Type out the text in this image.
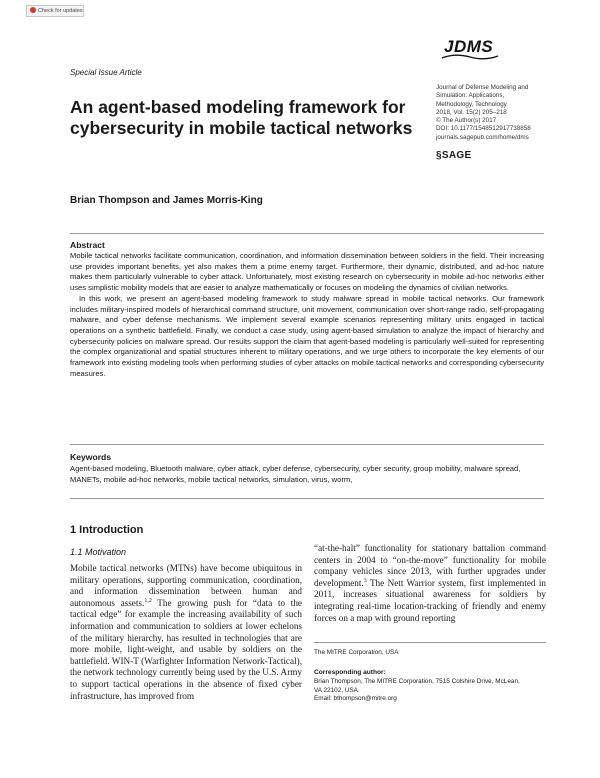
Check for updates
JDMS
Special Issue Article
An agent-based modeling framework for cybersecurity in mobile tactical networks
Journal of Defense Modeling and
Simulation: Applications,
Methodology, Technology
2018, Vol. 15(2) 205–218
© The Author(s) 2017
DOI: 10.1177/1548512917738858
journals.sagepub.com/home/dms
§SAGE
Brian Thompson and James Morris-King
Abstract

Mobile tactical networks facilitate communication, coordination, and information dissemination between soldiers in the field. Their increasing use provides important benefits, yet also makes them a prime enemy target. Furthermore, their dynamic, distributed, and ad-hoc nature makes them particularly vulnerable to cyber attack. Unfortunately, most existing research on cybersecurity in mobile ad-hoc networks either uses simplistic mobility models that are easier to analyze mathematically or focuses on modeling the dynamics of civilian networks.

In this work, we present an agent-based modeling framework to study malware spread in mobile tactical networks. Our framework includes military-inspired models of hierarchical command structure, unit movement, communication over short-range radio, self-propagating malware, and cyber defense mechanisms. We implement several example scenarios representing military units engaged in tactical operations on a synthetic battlefield. Finally, we conduct a case study, using agent-based simulation to analyze the impact of hierarchy and cybersecurity policies on malware spread. Our results support the claim that agent-based modeling is particularly well-suited for representing the complex organizational and spatial structures inherent to military operations, and we urge others to incorporate the key elements of our framework into existing modeling tools when performing studies of cyber attacks on mobile tactical networks and corresponding cybersecurity measures.

Keywords
Agent-based modeling, Bluetooth malware, cyber attack, cyber defense, cybersecurity, cyber security, group mobility, malware spread, MANETs, mobile ad-hoc networks, mobile tactical networks, simulation, virus, worm,
1 Introduction
1.1 Motivation

Mobile tactical networks (MTNs) have become ubiquitous in military operations, supporting communication, coordination, and information dissemination between human and autonomous assets.$^{1,2}$ The growing push for “data to the tactical edge” for example the increasing availability of such information and communication to soldiers at lower echelons of the military hierarchy, has resulted in technologies that are more mobile, light-weight, and usable by soldiers on the battlefield. WIN-T (Warfighter Information Network-Tactical), the network technology currently being used by the U.S. Army to support tactical operations in the absence of fixed cyber infrastructure, has improved from

“at-the-halt” functionality for stationary battalion command centers in 2004 to “on-the-move” functionality for mobile company vehicles since 2013, with further upgrades under development.$^3$ The Nett Warrior system, first implemented in 2011, increases situational awareness for soldiers by integrating real-time location-tracking of friendly and enemy forces on a map with ground reporting

The MITRE Corporation, USA
Corresponding author:

Brian Thompson, The MITRE Corporation, 7515 Colshire Drive, McLean,

VA 22102, USA.

Email: bthompson@mitre.org
